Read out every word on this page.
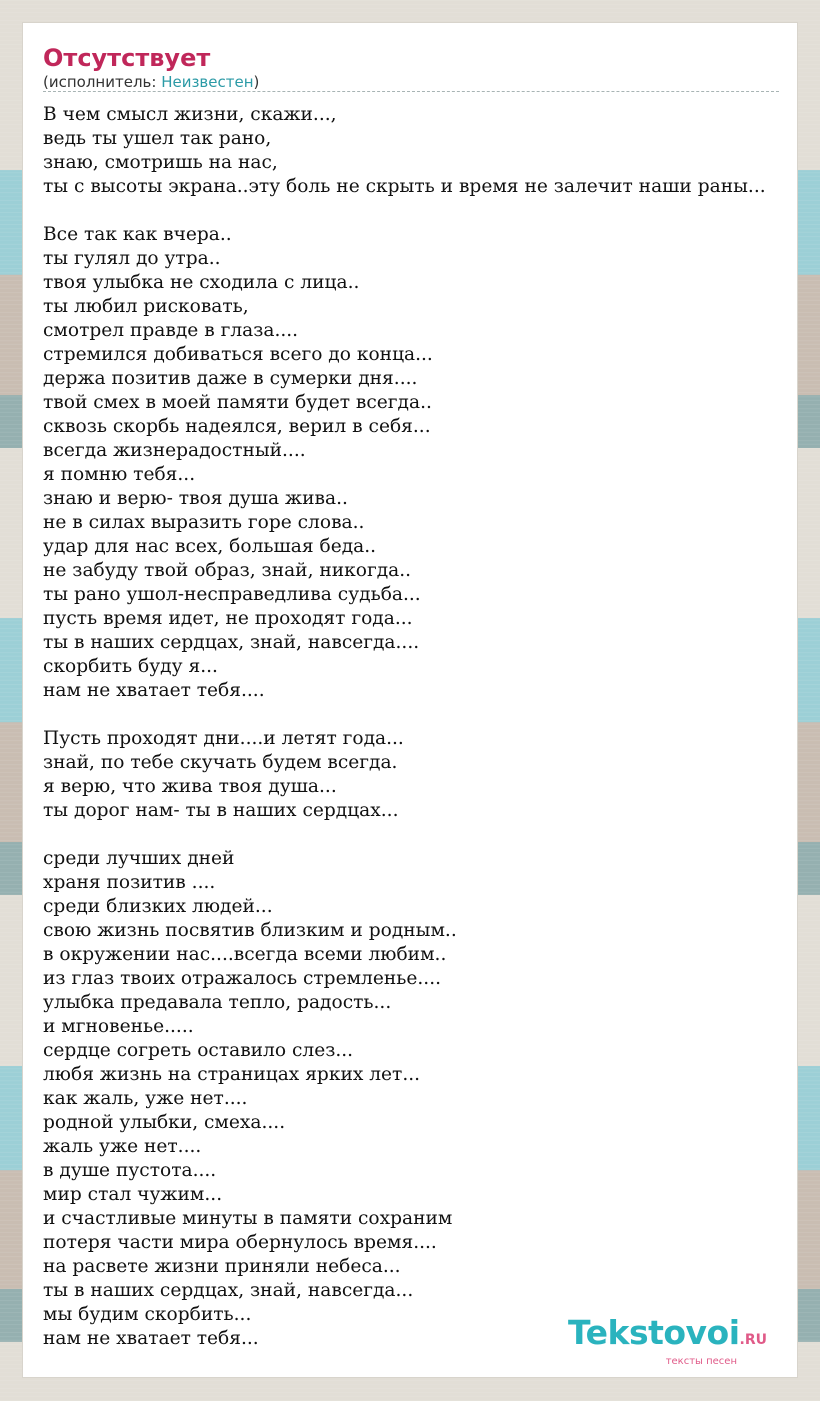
Отсутствует
(исполнитель: Неизвестен)
В чем смысл жизни, скажи...,
ведь ты ушел так рано,
знаю, смотришь на нас,
ты с высоты экрана..эту боль не скрыть и время не залечит наши раны...
Все так как вчера..
ты гулял до утра..
твоя улыбка не сходила с лица..
ты любил рисковать,
смотрел правде в глаза....
стремился добиваться всего до конца...
держа позитив даже в сумерки дня....
твой смех в моей памяти будет всегда..
сквозь скорбь надеялся, верил в себя...
всегда жизнерадостный....
я помню тебя...
знаю и верю- твоя душа жива..
не в силах выразить горе слова..
удар для нас всех, большая беда..
не забуду твой образ, знай, никогда..
ты рано ушол-несправедлива судьба...
пусть время идет, не проходят года...
ты в наших сердцах, знай, навсегда....
скорбить буду я...
нам не хватает тебя....
Пусть проходят дни....и летят года...
знай, по тебе скучать будем всегда.
я верю, что жива твоя душа...
ты дорог нам- ты в наших сердцах...
среди лучших дней
храня позитив ....
среди близких людей...
свою жизнь посвятив близким и родным..
в окружении нас....всегда всеми любим..
из глаз твоих отражалось стремленье....
улыбка предавала тепло, радость...
и мгновенье.....
сердце согреть оставило слез...
любя жизнь на страницах ярких лет...
как жаль, уже нет....
родной улыбки, смеха....
жаль уже нет....
в душе пустота....
мир стал чужим...
и счастливые минуты в памяти сохраним
потеря части мира обернулось время....
на расвете жизни приняли небеса...
ты в наших сердцах, знай, навсегда...
мы будим скорбить...
нам не хватает тебя...	Tekstovoi.RU
тексты песен
